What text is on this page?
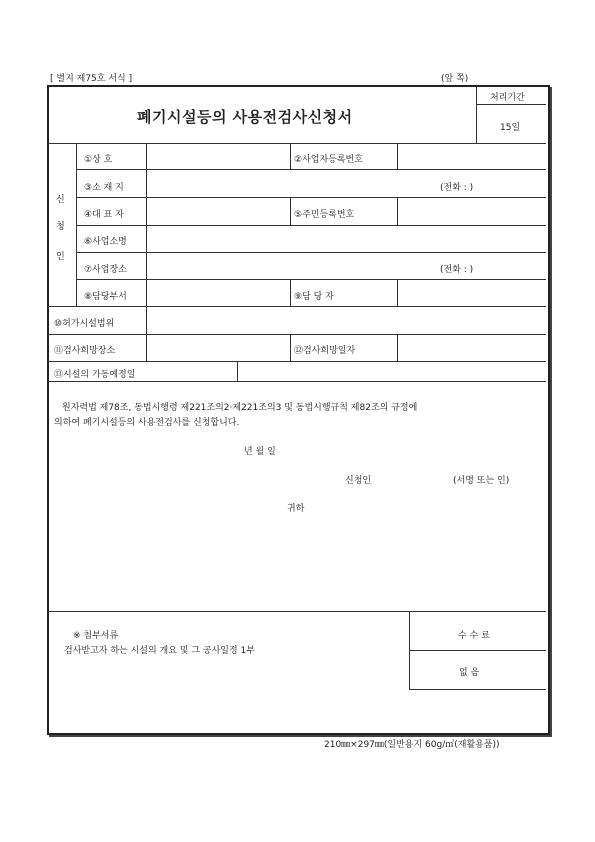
[ 별지 제75호 서식 ]	(앞 쪽)
폐기시설등의 사용전검사신청서
처리기간
15일
신
청
인
①상 호	②사업자등록번호
③소 재 지	(전화 : )
④대 표 자	⑤주민등록번호
⑥사업소명
⑦사업장소	(전화 : )
⑧담당부서	⑨담 당 자
⑩허가시설범위
⑪검사희망장소	⑫검사희망일자
⑬시설의 가동예정일
원자력법 제78조, 동법시행령 제221조의2·제221조의3 및 동법시행규칙 제82조의 규정에
의하여 폐기시설등의 사용전검사를 신청합니다.
년 월 일
신청인	(서명 또는 인)
귀하
※ 첨부서류
검사받고자 하는 시설의 개요 및 그 공사일정 1부
수 수 료
없 음
210㎜×297㎜(일반용지 60g/㎡(재활용품))
